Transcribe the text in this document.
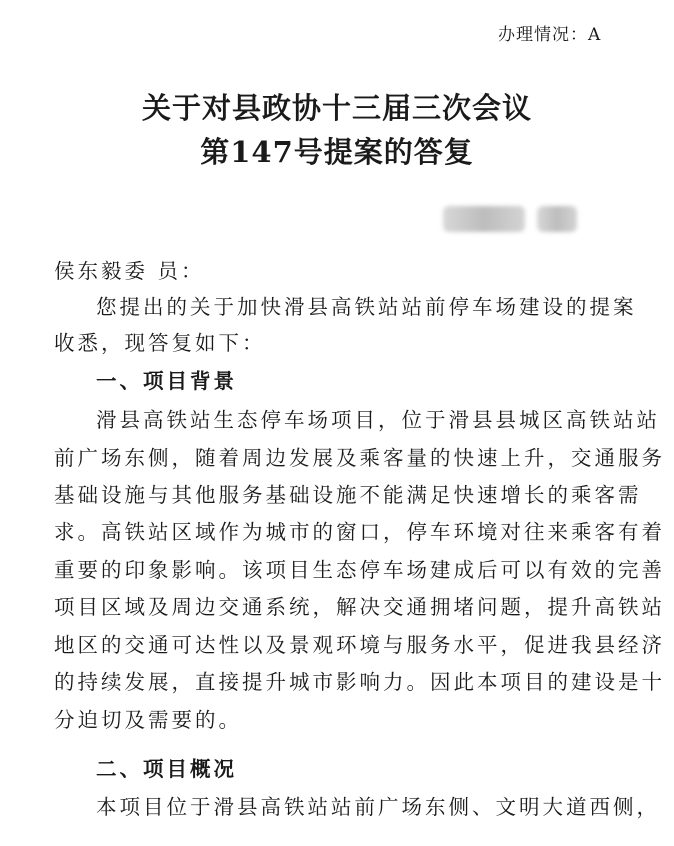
办理情况：A
关于对县政协十三届三次会议
第147号提案的答复
侯东毅委 员：
您提出的关于加快滑县高铁站站前停车场建设的提案
收悉，现答复如下：
一、项目背景
滑县高铁站生态停车场项目，位于滑县县城区高铁站站
前广场东侧，随着周边发展及乘客量的快速上升，交通服务
基础设施与其他服务基础设施不能满足快速增长的乘客需
求。高铁站区域作为城市的窗口，停车环境对往来乘客有着
重要的印象影响。该项目生态停车场建成后可以有效的完善
项目区域及周边交通系统，解决交通拥堵问题，提升高铁站
地区的交通可达性以及景观环境与服务水平，促进我县经济
的持续发展，直接提升城市影响力。因此本项目的建设是十
分迫切及需要的。
二、项目概况
本项目位于滑县高铁站站前广场东侧、文明大道西侧，
